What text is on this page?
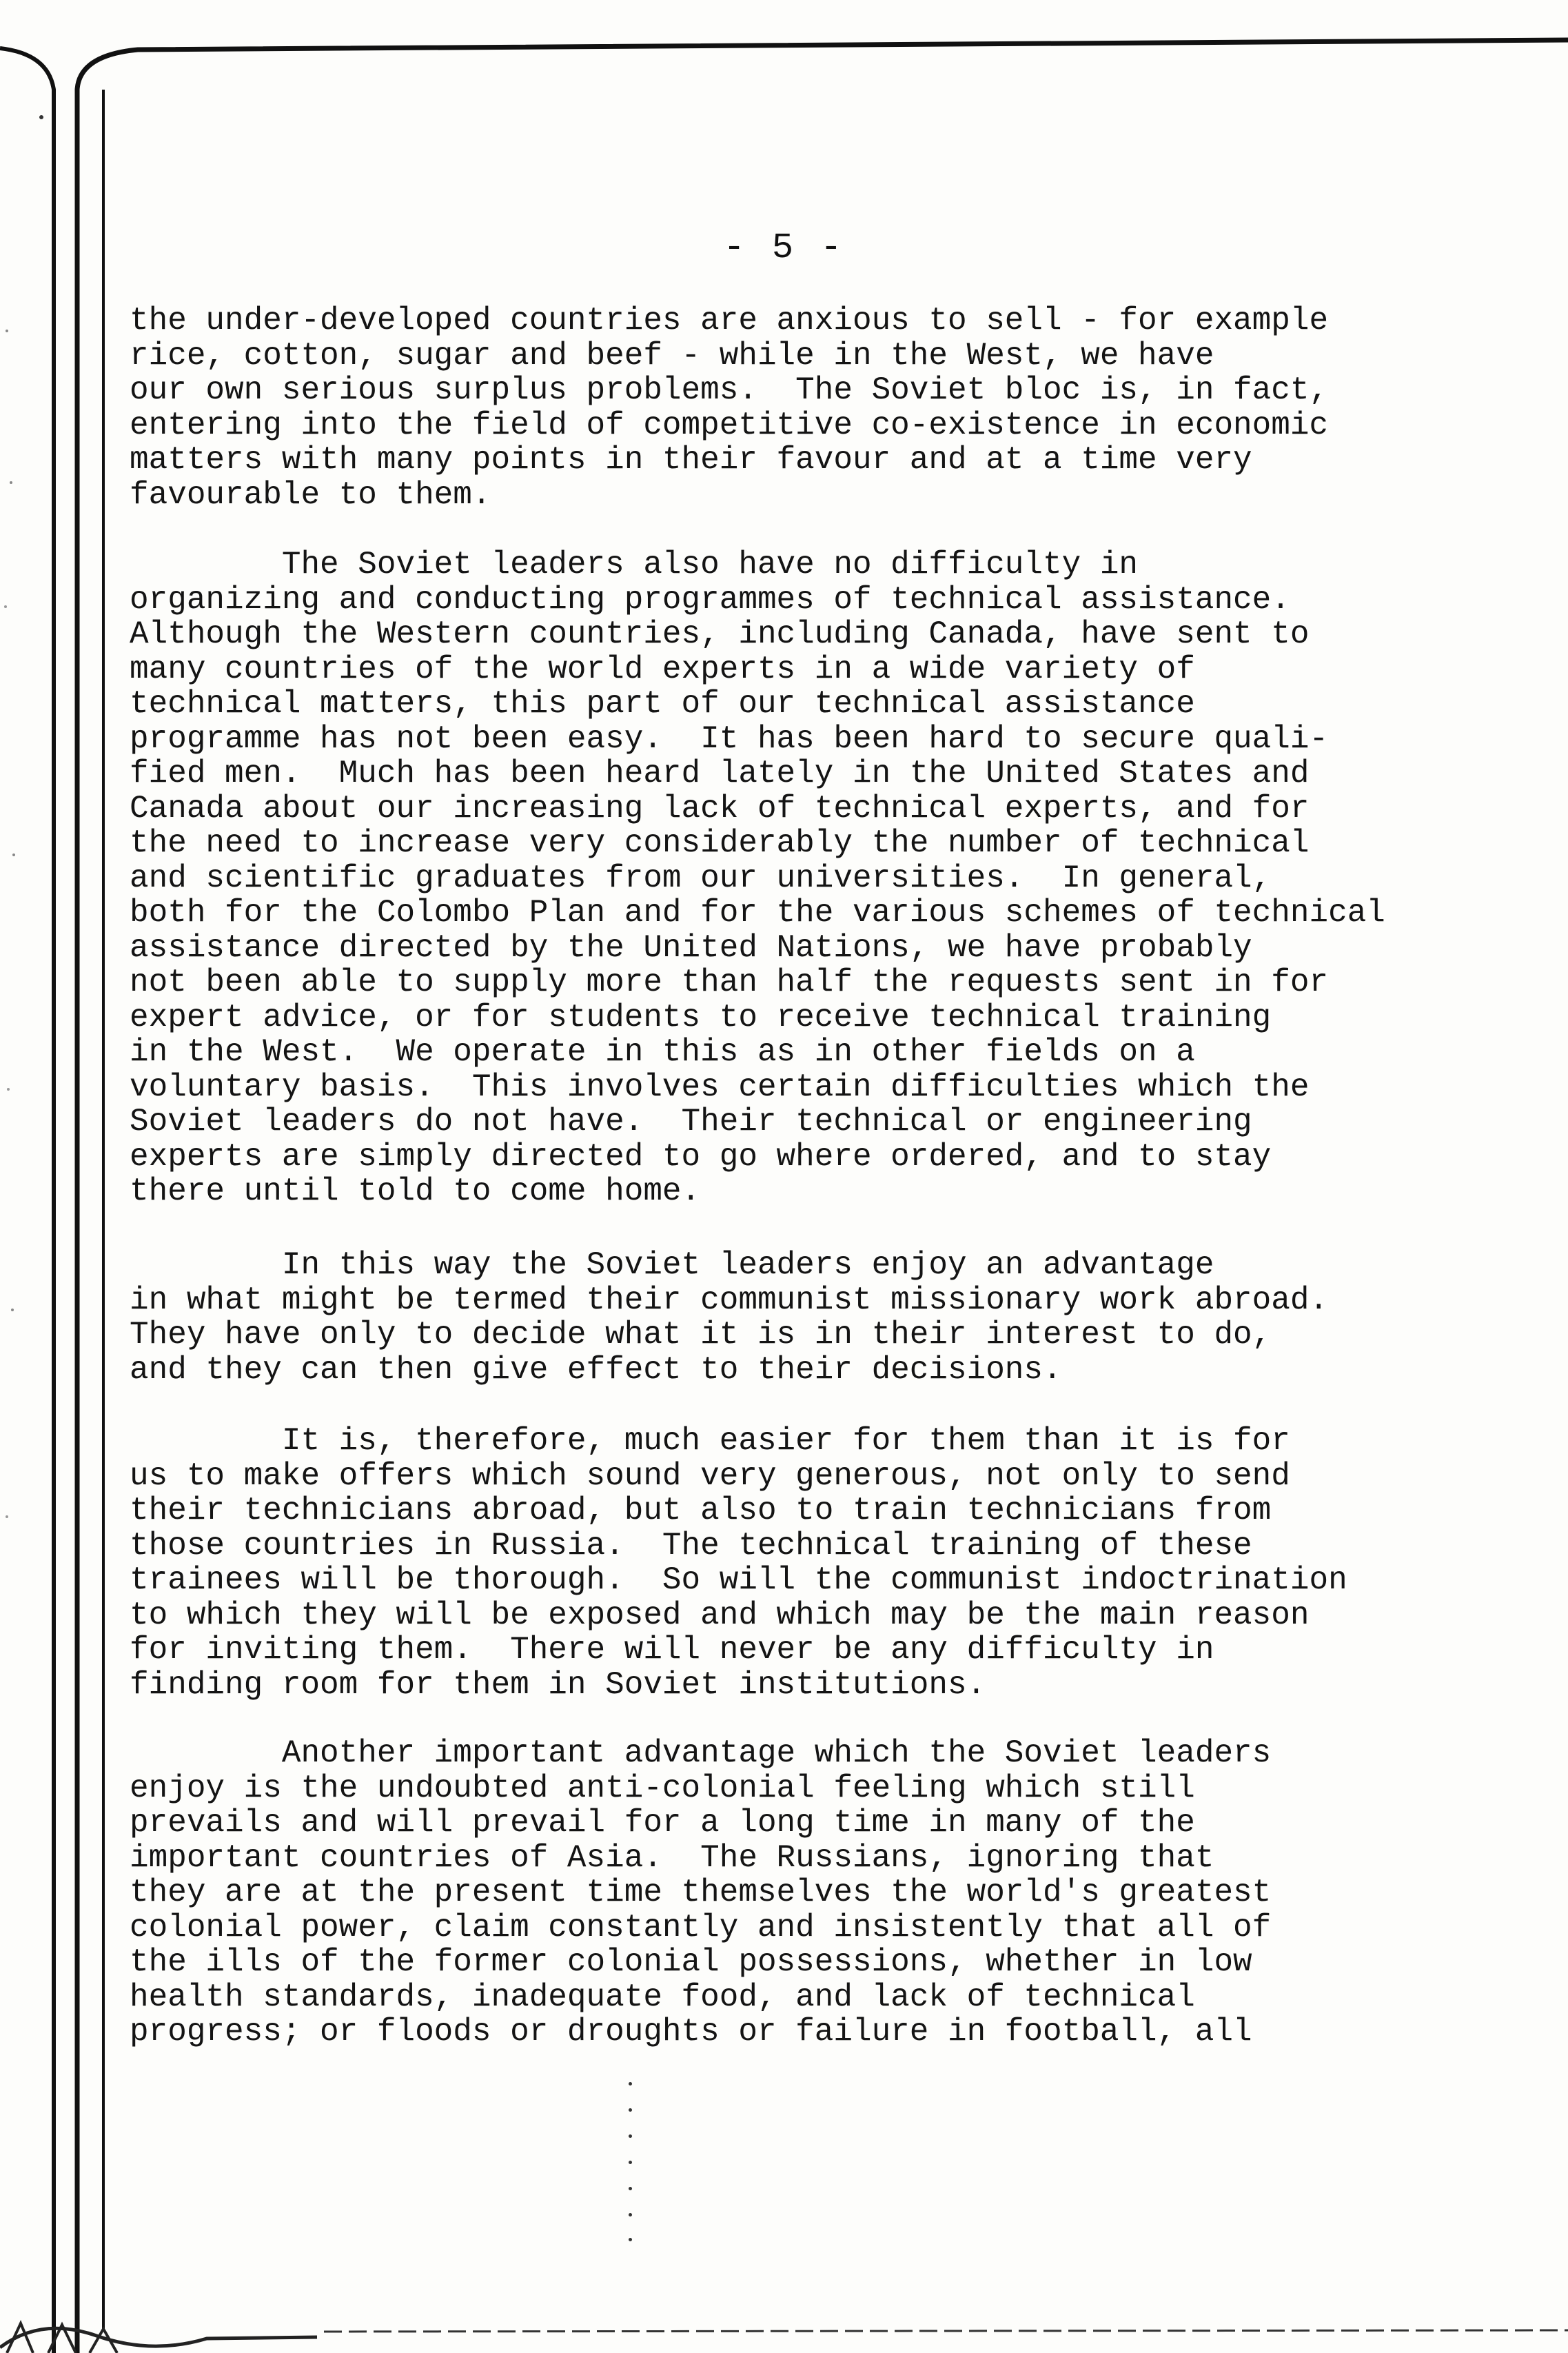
- 5 -
the under-developed countries are anxious to sell - for example
rice, cotton, sugar and beef - while in the West, we have
our own serious surplus problems.  The Soviet bloc is, in fact,
entering into the field of competitive co-existence in economic
matters with many points in their favour and at a time very
favourable to them.
The Soviet leaders also have no difficulty in
organizing and conducting programmes of technical assistance.
Although the Western countries, including Canada, have sent to
many countries of the world experts in a wide variety of
technical matters, this part of our technical assistance
programme has not been easy.  It has been hard to secure quali-
fied men.  Much has been heard lately in the United States and
Canada about our increasing lack of technical experts, and for
the need to increase very considerably the number of technical
and scientific graduates from our universities.  In general,
both for the Colombo Plan and for the various schemes of technical
assistance directed by the United Nations, we have probably
not been able to supply more than half the requests sent in for
expert advice, or for students to receive technical training
in the West.  We operate in this as in other fields on a
voluntary basis.  This involves certain difficulties which the
Soviet leaders do not have.  Their technical or engineering
experts are simply directed to go where ordered, and to stay
there until told to come home.
In this way the Soviet leaders enjoy an advantage
in what might be termed their communist missionary work abroad.
They have only to decide what it is in their interest to do,
and they can then give effect to their decisions.
It is, therefore, much easier for them than it is for
us to make offers which sound very generous, not only to send
their technicians abroad, but also to train technicians from
those countries in Russia.  The technical training of these
trainees will be thorough.  So will the communist indoctrination
to which they will be exposed and which may be the main reason
for inviting them.  There will never be any difficulty in
finding room for them in Soviet institutions.
Another important advantage which the Soviet leaders
enjoy is the undoubted anti-colonial feeling which still
prevails and will prevail for a long time in many of the
important countries of Asia.  The Russians, ignoring that
they are at the present time themselves the world's greatest
colonial power, claim constantly and insistently that all of
the ills of the former colonial possessions, whether in low
health standards, inadequate food, and lack of technical
progress; or floods or droughts or failure in football, all
